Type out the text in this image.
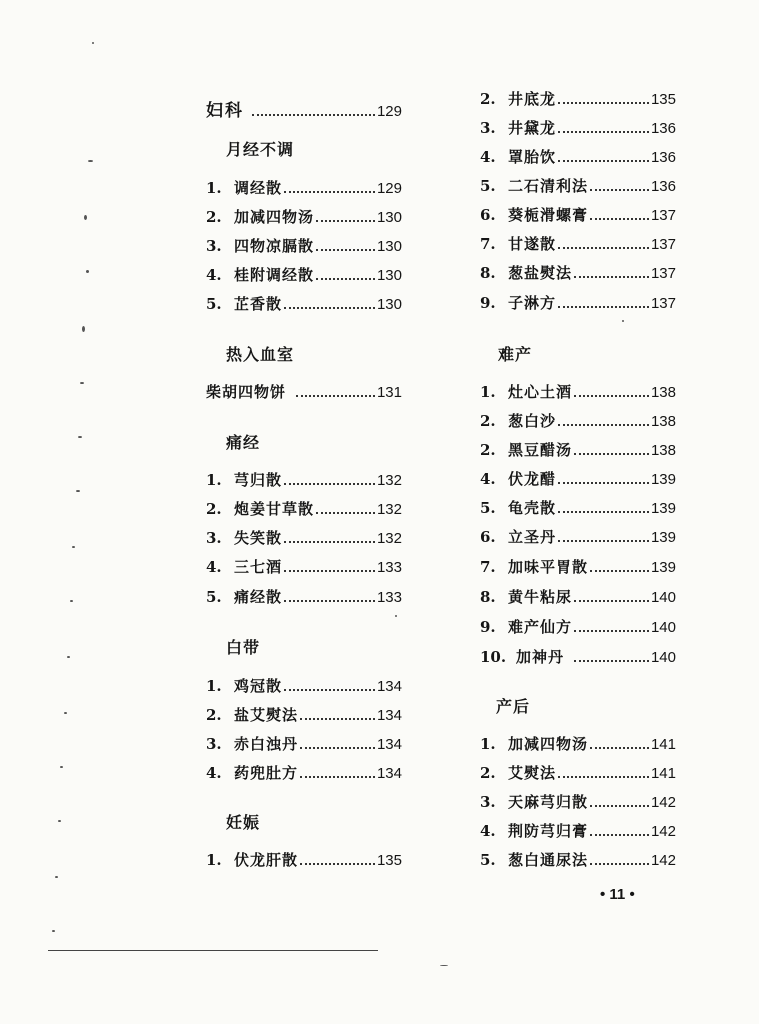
妇科	129
月经不调
1. 调经散	129
2. 加减四物汤	130
3. 四物凉膈散	130
4. 桂附调经散	130
5. 芷香散	130
热入血室
柴胡四物饼	131
痛经
1. 芎归散	132
2. 炮姜甘草散	132
3. 失笑散	132
4. 三七酒	133
5. 痛经散	133
白带
1. 鸡冠散	134
2. 盐艾熨法	134
3. 赤白浊丹	134
4. 药兜肚方	134
妊娠
1. 伏龙肝散	135
2. 井底龙	135
3. 井黛龙	136
4. 罩胎饮	136
5. 二石清利法	136
6. 葵栀滑螺膏	137
7. 甘遂散	137
8. 葱盐熨法	137
9. 子淋方	137
难产
1. 灶心土酒	138
2. 葱白沙	138
2. 黑豆醋汤	138
4. 伏龙醋	139
5. 龟壳散	139
6. 立圣丹	139
7. 加味平胃散	139
8. 黄牛粘尿	140
9. 难产仙方	140
10. 加神丹	140
产后
1. 加减四物汤	141
2. 艾熨法	141
3. 天麻芎归散	142
4. 荆防芎归膏	142
5. 葱白通尿法	142
• 11 •
